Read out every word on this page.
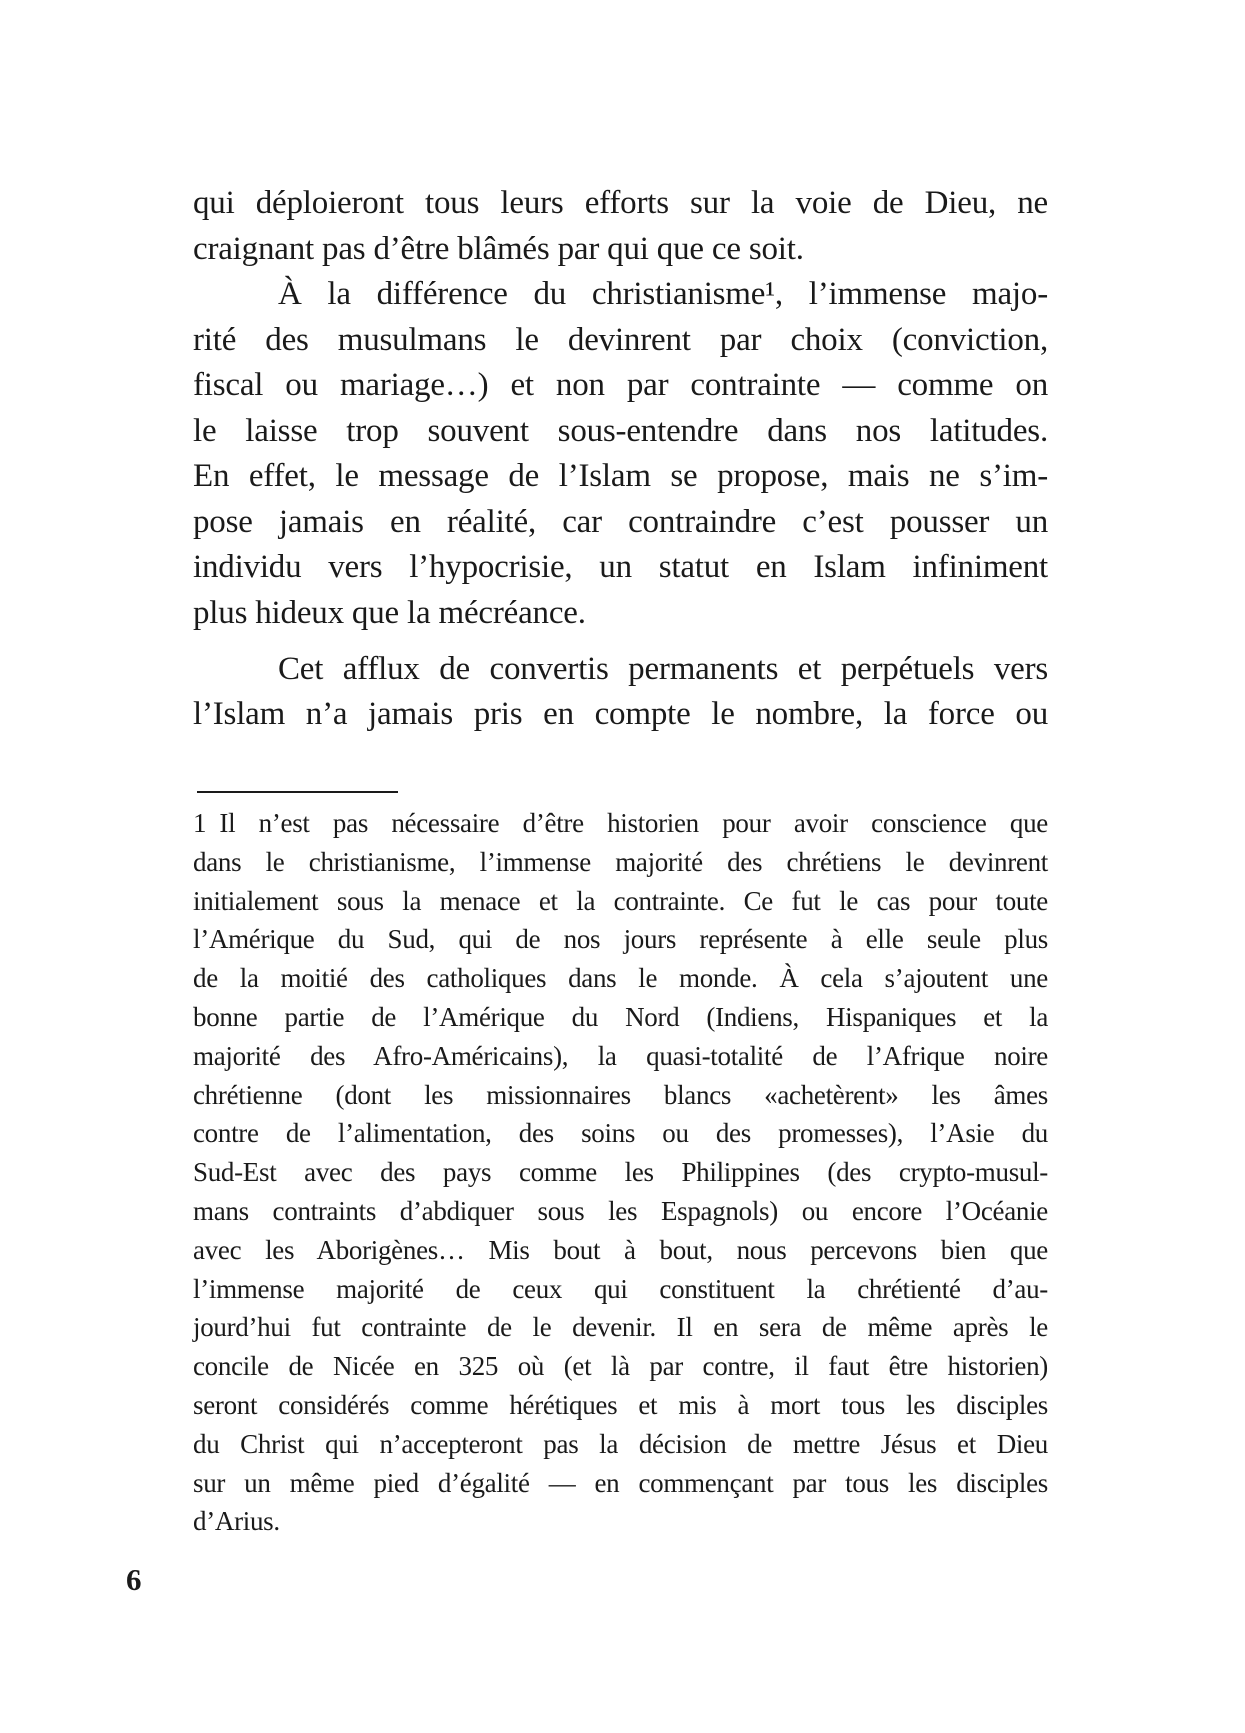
qui déploieront tous leurs efforts sur la voie de Dieu, ne
craignant pas d’être blâmés par qui que ce soit.
À la différence du christianisme¹, l’immense majo-
rité des musulmans le devinrent par choix (conviction,
fiscal ou mariage…) et non par contrainte — comme on
le laisse trop souvent sous-entendre dans nos latitudes.
En effet, le message de l’Islam se propose, mais ne s’im-
pose jamais en réalité, car contraindre c’est pousser un
individu vers l’hypocrisie, un statut en Islam infiniment
plus hideux que la mécréance.
Cet afflux de convertis permanents et perpétuels vers
l’Islam n’a jamais pris en compte le nombre, la force ou
1 Il n’est pas nécessaire d’être historien pour avoir conscience que
dans le christianisme, l’immense majorité des chrétiens le devinrent
initialement sous la menace et la contrainte. Ce fut le cas pour toute
l’Amérique du Sud, qui de nos jours représente à elle seule plus
de la moitié des catholiques dans le monde. À cela s’ajoutent une
bonne partie de l’Amérique du Nord (Indiens, Hispaniques et la
majorité des Afro-Américains), la quasi-totalité de l’Afrique noire
chrétienne (dont les missionnaires blancs «achetèrent» les âmes
contre de l’alimentation, des soins ou des promesses), l’Asie du
Sud-Est avec des pays comme les Philippines (des crypto-musul-
mans contraints d’abdiquer sous les Espagnols) ou encore l’Océanie
avec les Aborigènes… Mis bout à bout, nous percevons bien que
l’immense majorité de ceux qui constituent la chrétienté d’au-
jourd’hui fut contrainte de le devenir. Il en sera de même après le
concile de Nicée en 325 où (et là par contre, il faut être historien)
seront considérés comme hérétiques et mis à mort tous les disciples
du Christ qui n’accepteront pas la décision de mettre Jésus et Dieu
sur un même pied d’égalité — en commençant par tous les disciples
d’Arius.
6
